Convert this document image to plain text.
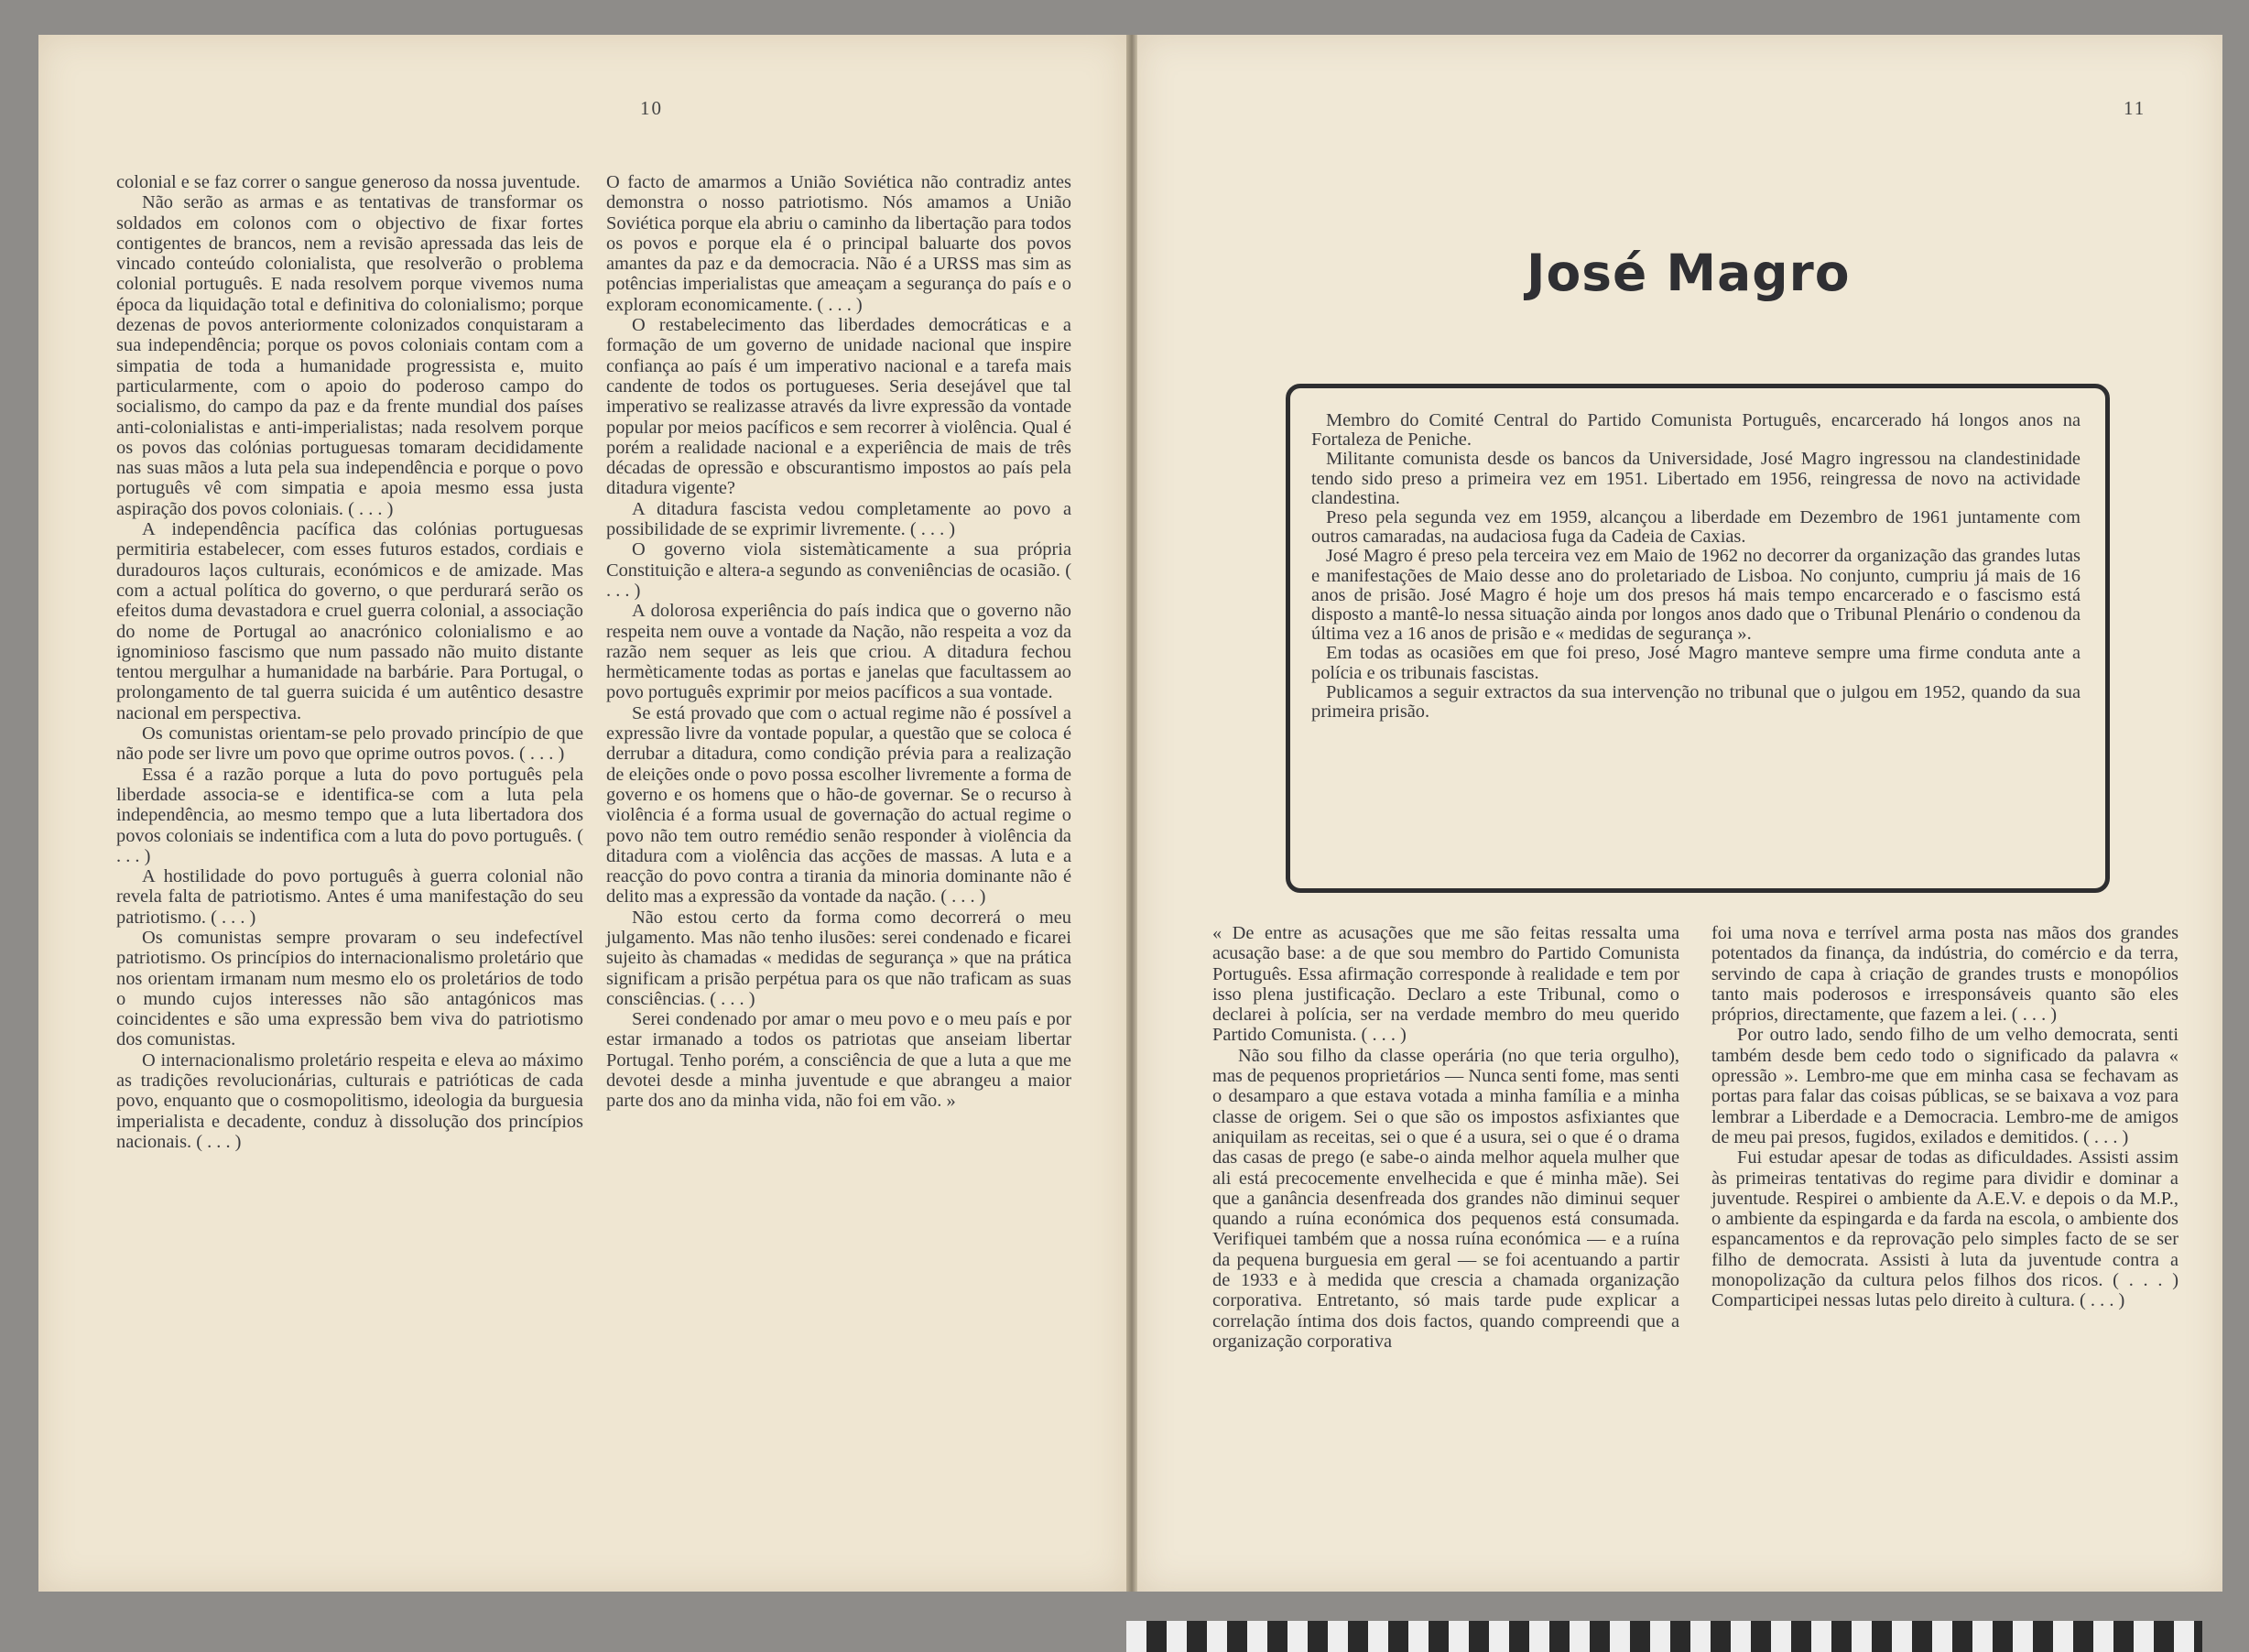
10

colonial e se faz correr o sangue generoso da nossa juventude.

Não serão as armas e as tentativas de transformar os soldados em colonos com o objectivo de fixar fortes contigentes de brancos, nem a revisão apressada das leis de vincado conteúdo colonialista, que resolverão o problema colonial português. E nada resolvem porque vivemos numa época da liquidação total e definitiva do colonialismo; porque dezenas de povos anteriormente colonizados conquistaram a sua independência; porque os povos coloniais contam com a simpatia de toda a humanidade progressista e, muito particularmente, com o apoio do poderoso campo do socialismo, do campo da paz e da frente mundial dos países anti-colonialistas e anti-imperialistas; nada resolvem porque os povos das colónias portuguesas tomaram decididamente nas suas mãos a luta pela sua independência e porque o povo português vê com simpatia e apoia mesmo essa justa aspiração dos povos coloniais. ( . . . )

A independência pacífica das colónias portuguesas permitiria estabelecer, com esses futuros estados, cordiais e duradouros laços culturais, económicos e de amizade. Mas com a actual política do governo, o que perdurará serão os efeitos duma devastadora e cruel guerra colonial, a associação do nome de Portugal ao anacrónico colonialismo e ao ignominioso fascismo que num passado não muito distante tentou mergulhar a humanidade na barbárie. Para Portugal, o prolongamento de tal guerra suicida é um autêntico desastre nacional em perspectiva.

Os comunistas orientam-se pelo provado princípio de que não pode ser livre um povo que oprime outros povos. ( . . . )

Essa é a razão porque a luta do povo português pela liberdade associa-se e identifica-se com a luta pela independência, ao mesmo tempo que a luta libertadora dos povos coloniais se indentifica com a luta do povo português. ( . . . )

A hostilidade do povo português à guerra colonial não revela falta de patriotismo. Antes é uma manifestação do seu patriotismo. ( . . . )

Os comunistas sempre provaram o seu indefectível patriotismo. Os princípios do internacionalismo proletário que nos orientam irmanam num mesmo elo os proletários de todo o mundo cujos interesses não são antagónicos mas coincidentes e são uma expressão bem viva do patriotismo dos comunistas.

O internacionalismo proletário respeita e eleva ao máximo as tradições revolucionárias, culturais e patrióticas de cada povo, enquanto que o cosmopolitismo, ideologia da burguesia imperialista e decadente, conduz à dissolução dos princípios nacionais. ( . . . )

O facto de amarmos a União Soviética não contradiz antes demonstra o nosso patriotismo. Nós amamos a União Soviética porque ela abriu o caminho da libertação para todos os povos e porque ela é o principal baluarte dos povos amantes da paz e da democracia. Não é a URSS mas sim as potências imperialistas que ameaçam a segurança do país e o exploram economicamente. ( . . . )

O restabelecimento das liberdades democráticas e a formação de um governo de unidade nacional que inspire confiança ao país é um imperativo nacional e a tarefa mais candente de todos os portugueses. Seria desejável que tal imperativo se realizasse através da livre expressão da vontade popular por meios pacíficos e sem recorrer à violência. Qual é porém a realidade nacional e a experiência de mais de três décadas de opressão e obscurantismo impostos ao país pela ditadura vigente?

A ditadura fascista vedou completamente ao povo a possibilidade de se exprimir livremente. ( . . . )

O governo viola sistemàticamente a sua própria Constituição e altera-a segundo as conveniências de ocasião. ( . . . )

A dolorosa experiência do país indica que o governo não respeita nem ouve a vontade da Nação, não respeita a voz da razão nem sequer as leis que criou. A ditadura fechou hermèticamente todas as portas e janelas que facultassem ao povo português exprimir por meios pacíficos a sua vontade.

Se está provado que com o actual regime não é possível a expressão livre da vontade popular, a questão que se coloca é derrubar a ditadura, como condição prévia para a realização de eleições onde o povo possa escolher livremente a forma de governo e os homens que o hão-de governar. Se o recurso à violência é a forma usual de governação do actual regime o povo não tem outro remédio senão responder à violência da ditadura com a violência das acções de massas. A luta e a reacção do povo contra a tirania da minoria dominante não é delito mas a expressão da vontade da nação. ( . . . )

Não estou certo da forma como decorrerá o meu julgamento. Mas não tenho ilusões: serei condenado e ficarei sujeito às chamadas « medidas de segurança » que na prática significam a prisão perpétua para os que não traficam as suas consciências. ( . . . )

Serei condenado por amar o meu povo e o meu país e por estar irmanado a todos os patriotas que anseiam libertar Portugal. Tenho porém, a consciência de que a luta a que me devotei desde a minha juventude e que abrangeu a maior parte dos ano da minha vida, não foi em vão. »

11
José Magro

Membro do Comité Central do Partido Comunista Português, encarcerado há longos anos na Fortaleza de Peniche.

Militante comunista desde os bancos da Universidade, José Magro ingressou na clandestinidade tendo sido preso a primeira vez em 1951. Libertado em 1956, reingressa de novo na actividade clandestina.

Preso pela segunda vez em 1959, alcançou a liberdade em Dezembro de 1961 juntamente com outros camaradas, na audaciosa fuga da Cadeia de Caxias.

José Magro é preso pela terceira vez em Maio de 1962 no decorrer da organização das grandes lutas e manifestações de Maio desse ano do proletariado de Lisboa. No conjunto, cumpriu já mais de 16 anos de prisão. José Magro é hoje um dos presos há mais tempo encarcerado e o fascismo está disposto a mantê-lo nessa situação ainda por longos anos dado que o Tribunal Plenário o condenou da última vez a 16 anos de prisão e « medidas de segurança ».

Em todas as ocasiões em que foi preso, José Magro manteve sempre uma firme conduta ante a polícia e os tribunais fascistas.

Publicamos a seguir extractos da sua intervenção no tribunal que o julgou em 1952, quando da sua primeira prisão.

« De entre as acusações que me são feitas ressalta uma acusação base: a de que sou membro do Partido Comunista Português. Essa afirmação corresponde à realidade e tem por isso plena justificação. Declaro a este Tribunal, como o declarei à polícia, ser na verdade membro do meu querido Partido Comunista. ( . . . )

Não sou filho da classe operária (no que teria orgulho), mas de pequenos proprietários — Nunca senti fome, mas senti o desamparo a que estava votada a minha família e a minha classe de origem. Sei o que são os impostos asfixiantes que aniquilam as receitas, sei o que é a usura, sei o que é o drama das casas de prego (e sabe-o ainda melhor aquela mulher que ali está precocemente envelhecida e que é minha mãe). Sei que a ganância desenfreada dos grandes não diminui sequer quando a ruína económica dos pequenos está consumada. Verifiquei também que a nossa ruína económica — e a ruína da pequena burguesia em geral — se foi acentuando a partir de 1933 e à medida que crescia a chamada organização corporativa. Entretanto, só mais tarde pude explicar a correlação íntima dos dois factos, quando compreendi que a organização corporativa

foi uma nova e terrível arma posta nas mãos dos grandes potentados da finança, da indústria, do comércio e da terra, servindo de capa à criação de grandes trusts e monopólios tanto mais poderosos e irresponsáveis quanto são eles próprios, directamente, que fazem a lei. ( . . . )

Por outro lado, sendo filho de um velho democrata, senti também desde bem cedo todo o significado da palavra « opressão ». Lembro-me que em minha casa se fechavam as portas para falar das coisas públicas, se se baixava a voz para lembrar a Liberdade e a Democracia. Lembro-me de amigos de meu pai presos, fugidos, exilados e demitidos. ( . . . )

Fui estudar apesar de todas as dificuldades. Assisti assim às primeiras tentativas do regime para dividir e dominar a juventude. Respirei o ambiente da A.E.V. e depois o da M.P., o ambiente da espingarda e da farda na escola, o ambiente dos espancamentos e da reprovação pelo simples facto de se ser filho de democrata. Assisti à luta da juventude contra a monopolização da cultura pelos filhos dos ricos. ( . . . ) Comparticipei nessas lutas pelo direito à cultura. ( . . . )
